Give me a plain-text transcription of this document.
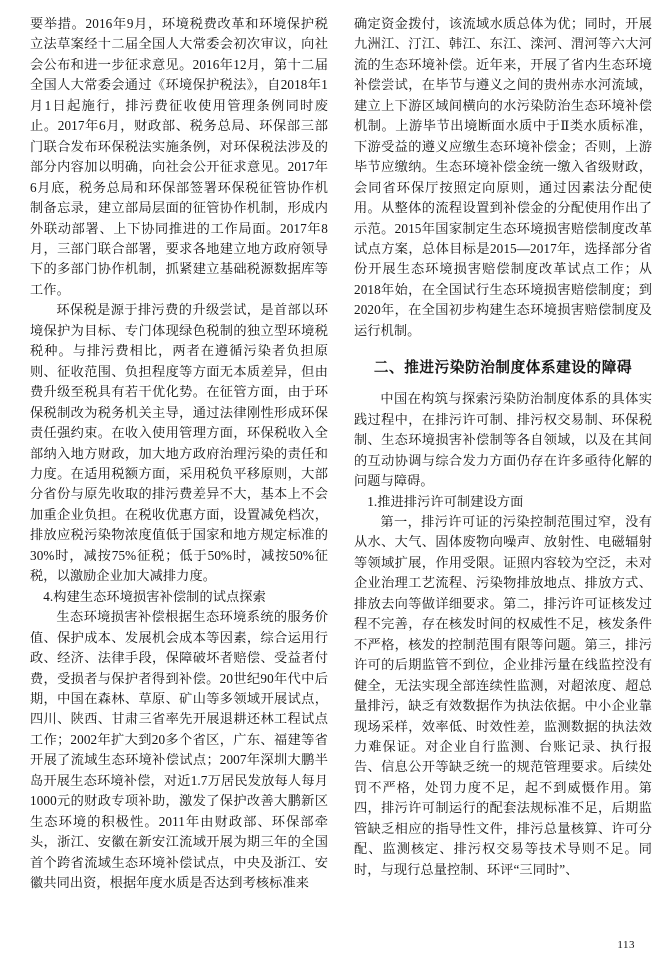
要举措。2016年9月，环境税费改革和环境保护税立法草案经十二届全国人大常委会初次审议，向社会公布和进一步征求意见。2016年12月，第十二届全国人大常委会通过《环境保护税法》，自2018年1月1日起施行，排污费征收使用管理条例同时废止。2017年6月，财政部、税务总局、环保部三部门联合发布环保税法实施条例，对环保税法涉及的部分内容加以明确，向社会公开征求意见。2017年6月底，税务总局和环保部签署环保税征管协作机制备忘录，建立部局层面的征管协作机制，形成内外联动部署、上下协同推进的工作局面。2017年8月，三部门联合部署，要求各地建立地方政府领导下的多部门协作机制，抓紧建立基础税源数据库等工作。

环保税是源于排污费的升级尝试，是首部以环境保护为目标、专门体现绿色税制的独立型环境税税种。与排污费相比，两者在遵循污染者负担原则、征收范围、负担程度等方面无本质差异，但由费升级至税具有若干优化势。在征管方面，由于环保税制改为税务机关主导，通过法律刚性形成环保责任强约束。在收入使用管理方面，环保税收入全部纳入地方财政，加大地方政府治理污染的责任和力度。在适用税额方面，采用税负平移原则，大部分省份与原先收取的排污费差异不大，基本上不会加重企业负担。在税收优惠方面，设置减免档次，排放应税污染物浓度值低于国家和地方规定标准的30%时，减按75%征税；低于50%时，减按50%征税，以激励企业加大减排力度。

4.构建生态环境损害补偿制的试点探索

生态环境损害补偿根据生态环境系统的服务价值、保护成本、发展机会成本等因素，综合运用行政、经济、法律手段，保障破坏者赔偿、受益者付费，受损者与保护者得到补偿。20世纪90年代中后期，中国在森林、草原、矿山等多领域开展试点，四川、陕西、甘肃三省率先开展退耕还林工程试点工作；2002年扩大到20多个省区，广东、福建等省开展了流域生态环境补偿试点；2007年深圳大鹏半岛开展生态环境补偿，对近1.7万居民发放每人每月1000元的财政专项补助，激发了保护改善大鹏新区生态环境的积极性。2011年由财政部、环保部牵头，浙江、安徽在新安江流域开展为期三年的全国首个跨省流域生态环境补偿试点，中央及浙江、安徽共同出资，根据年度水质是否达到考核标准来

确定资金拨付，该流域水质总体为优；同时，开展九洲江、汀江、韩江、东江、滦河、渭河等六大河流的生态环境补偿。近年来，开展了省内生态环境补偿尝试，在毕节与遵义之间的贵州赤水河流域，建立上下游区域间横向的水污染防治生态环境补偿机制。上游毕节出境断面水质中于Ⅱ类水质标准，下游受益的遵义应缴生态环境补偿金；否则，上游毕节应缴纳。生态环境补偿金统一缴入省级财政，会同省环保厅按照定向原则，通过因素法分配使用。从整体的流程设置到补偿金的分配使用作出了示范。2015年国家制定生态环境损害赔偿制度改革试点方案，总体目标是2015—2017年，选择部分省份开展生态环境损害赔偿制度改革试点工作；从2018年始，在全国试行生态环境损害赔偿制度；到2020年，在全国初步构建生态环境损害赔偿制度及运行机制。

二、推进污染防治制度体系建设的障碍

中国在构筑与探索污染防治制度体系的具体实践过程中，在排污许可制、排污权交易制、环保税制、生态环境损害补偿制等各自领域，以及在其间的互动协调与综合发力方面仍存在许多亟待化解的问题与障碍。

1.推进排污许可制建设方面

第一，排污许可证的污染控制范围过窄，没有从水、大气、固体废物向噪声、放射性、电磁辐射等领域扩展，作用受限。证照内容较为空泛，未对企业治理工艺流程、污染物排放地点、排放方式、排放去向等做详细要求。第二，排污许可证核发过程不完善，存在核发时间的权威性不足，核发条件不严格，核发的控制范围有限等问题。第三，排污许可的后期监管不到位，企业排污量在线监控没有健全，无法实现全部连续性监测，对超浓度、超总量排污，缺乏有效数据作为执法依据。中小企业靠现场采样，效率低、时效性差，监测数据的执法效力难保证。对企业自行监测、台账记录、执行报告、信息公开等缺乏统一的规范管理要求。后续处罚不严格，处罚力度不足，起不到威慑作用。第四，排污许可制运行的配套法规标准不足，后期监管缺乏相应的指导性文件，排污总量核算、许可分配、监测核定、排污权交易等技术导则不足。同时，与现行总量控制、环评“三同时”、

113
